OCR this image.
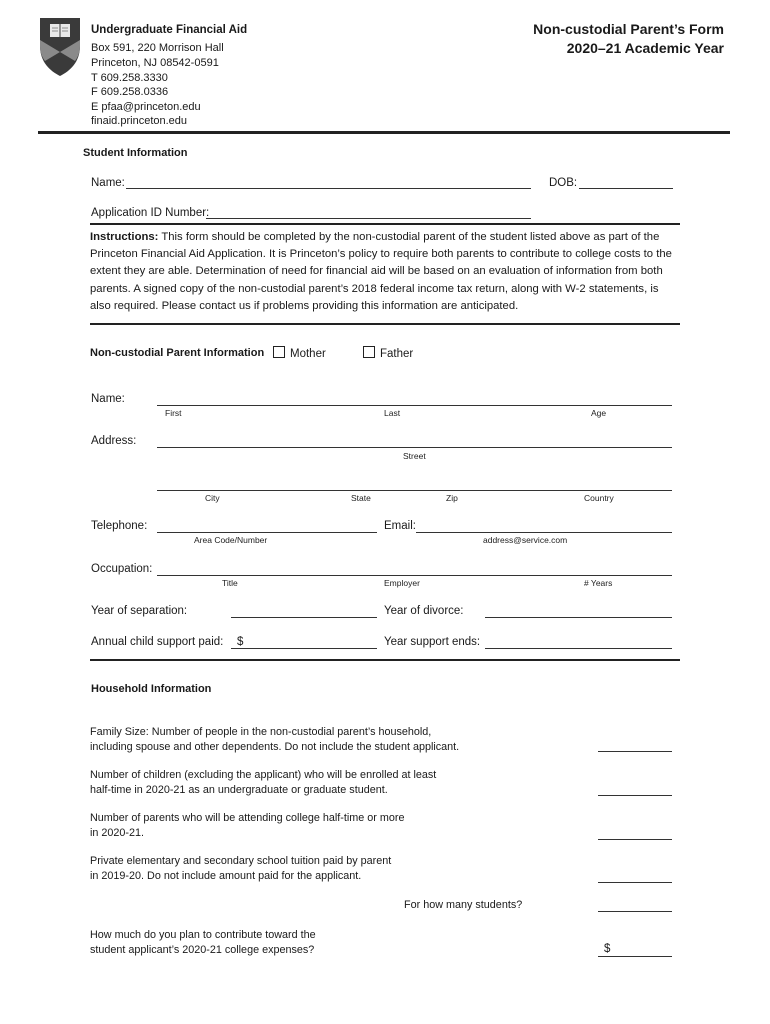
Undergraduate Financial Aid
Box 591, 220 Morrison Hall
Princeton, NJ 08542-0591
T 609.258.3330
F 609.258.0336
E pfaa@princeton.edu
finaid.princeton.edu
Non-custodial Parent’s Form
2020–21 Academic Year
Student Information
Name:	DOB:
Application ID Number:
Instructions: This form should be completed by the non-custodial parent of the student listed above as part of the Princeton Financial Aid Application. It is Princeton’s policy to require both parents to contribute to college costs to the extent they are able. Determination of need for financial aid will be based on an evaluation of information from both parents. A signed copy of the non-custodial parent’s 2018 federal income tax return, along with W-2 statements, is also required. Please contact us if problems providing this information are anticipated.
Non-custodial Parent Information	Mother	Father
Name:
First	Last	Age
Address:
Street
City	State	Zip	Country
Telephone:
Area Code/Number
Email:
address@service.com
Occupation:
Title	Employer	# Years
Year of separation:	Year of divorce:
Annual child support paid: $	Year support ends:
Household Information
Family Size: Number of people in the non-custodial parent’s household,
including spouse and other dependents. Do not include the student applicant.
Number of children (excluding the applicant) who will be enrolled at least
half-time in 2020-21 as an undergraduate or graduate student.
Number of parents who will be attending college half-time or more
in 2020-21.
Private elementary and secondary school tuition paid by parent
in 2019-20. Do not include amount paid for the applicant.
For how many students?
How much do you plan to contribute toward the
student applicant’s 2020-21 college expenses?	$
